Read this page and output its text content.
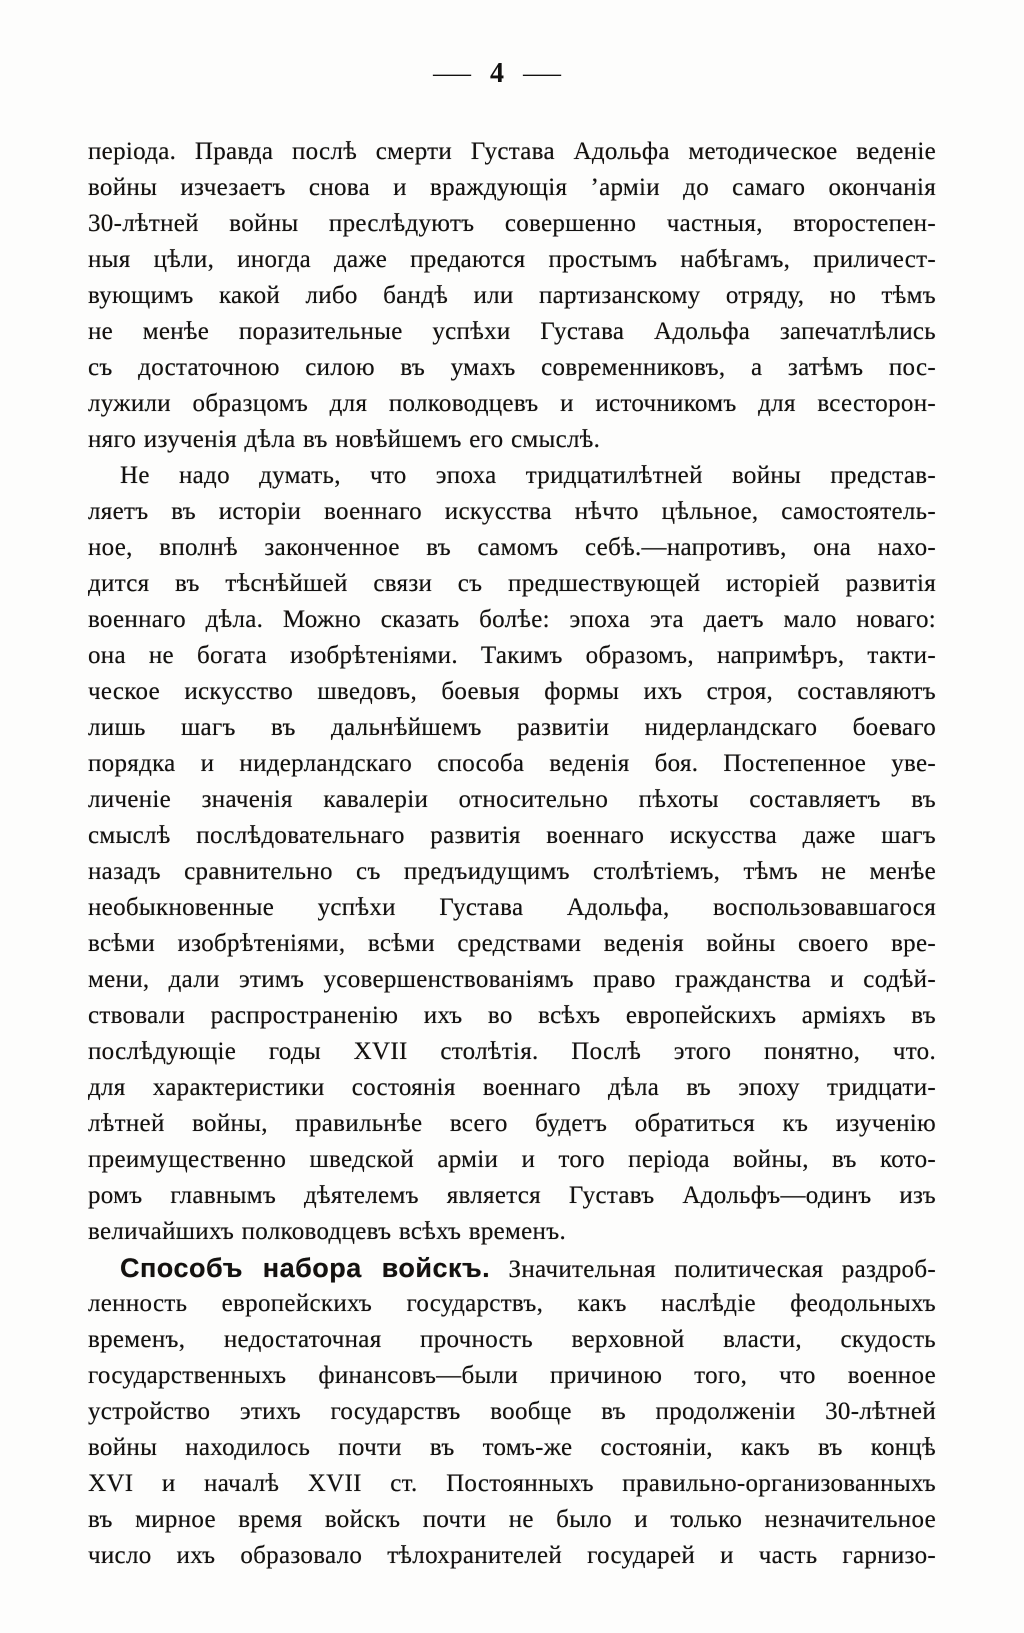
— 4 —
періода. Правда послѣ смерти Густава Адольфа методическое веденіе
войны изчезаетъ снова и враждующія ’арміи до самаго окончанія
30-лѣтней войны преслѣдуютъ совершенно частныя, второстепен-
ныя цѣли, иногда даже предаются простымъ набѣгамъ, приличест-
вующимъ какой либо бандѣ или партизанскому отряду, но тѣмъ
не менѣе поразительные успѣхи Густава Адольфа запечатлѣлись
съ достаточною силою въ умахъ современниковъ, а затѣмъ пос-
лужили образцомъ для полководцевъ и источникомъ для всесторон-
няго изученія дѣла въ новѣйшемъ его смыслѣ.
Не надо думать, что эпоха тридцатилѣтней войны представ-
ляетъ въ исторіи военнаго искусства нѣчто цѣльное, самостоятель-
ное, вполнѣ законченное въ самомъ себѣ.—напротивъ, она нахо-
дится въ тѣснѣйшей связи съ предшествующей исторіей развитія
военнаго дѣла. Можно сказать болѣе: эпоха эта даетъ мало новаго:
она не богата изобрѣтеніями. Такимъ образомъ, напримѣръ, такти-
ческое искусство шведовъ, боевыя формы ихъ строя, составляютъ
лишь шагъ въ дальнѣйшемъ развитіи нидерландскаго боеваго
порядка и нидерландскаго способа веденія боя. Постепенное уве-
личеніе значенія кавалеріи относительно пѣхоты составляетъ въ
смыслѣ послѣдовательнаго развитія военнаго искусства даже шагъ
назадъ сравнительно съ предъидущимъ столѣтіемъ, тѣмъ не менѣе
необыкновенные успѣхи Густава Адольфа, воспользовавшагося
всѣми изобрѣтеніями, всѣми средствами веденія войны своего вре-
мени, дали этимъ усовершенствованіямъ право гражданства и содѣй-
ствовали распространенію ихъ во всѣхъ европейскихъ арміяхъ въ
послѣдующіе годы XVII столѣтія. Послѣ этого понятно, что.
для характеристики состоянія военнаго дѣла въ эпоху тридцати-
лѣтней войны, правильнѣе всего будетъ обратиться къ изученію
преимущественно шведской арміи и того періода войны, въ кото-
ромъ главнымъ дѣятелемъ является Густавъ Адольфъ—одинъ изъ
величайшихъ полководцевъ всѣхъ временъ.
Способъ набора войскъ. Значительная политическая раздроб-
ленность европейскихъ государствъ, какъ наслѣдіе феодольныхъ
временъ, недостаточная прочность верховной власти, скудость
государственныхъ финансовъ—были причиною того, что военное
устройство этихъ государствъ вообще въ продолженіи 30-лѣтней
войны находилось почти въ томъ-же состояніи, какъ въ концѣ
XVI и началѣ XVII ст. Постоянныхъ правильно-организованныхъ
въ мирное время войскъ почти не было и только незначительное
число ихъ образовало тѣлохранителей государей и часть гарнизо-
